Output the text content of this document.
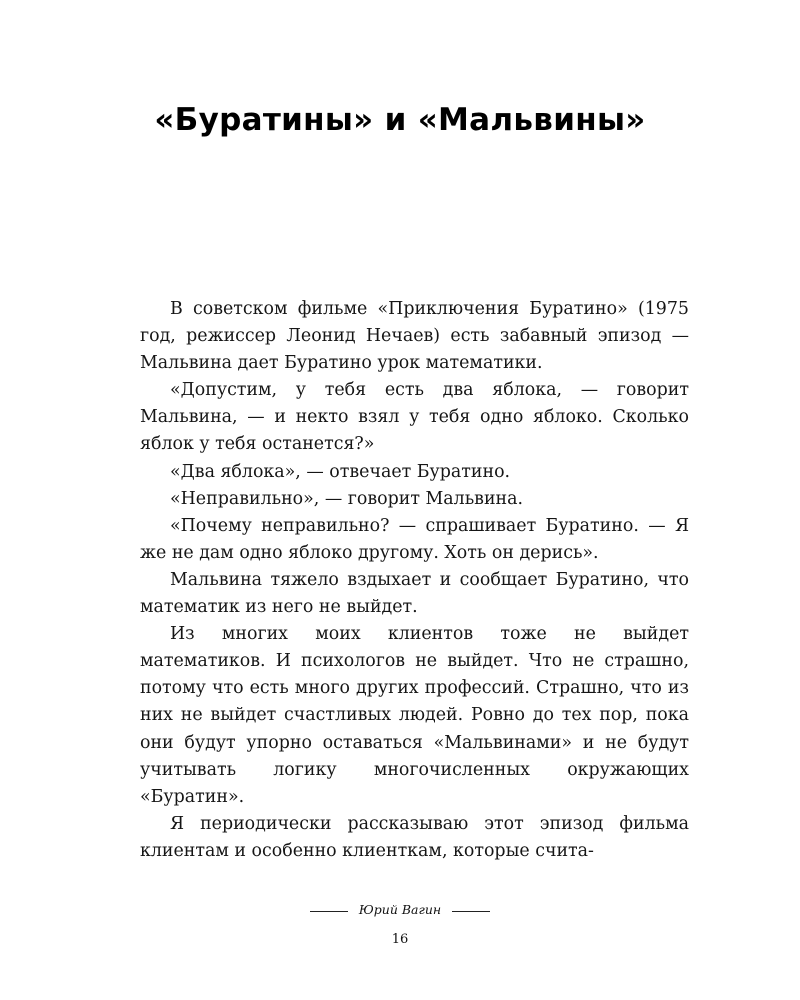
«Буратины» и «Мальвины»

В советском фильме «Приключения Буратино» (1975 год, режиссер Леонид Нечаев) есть забавный эпизод — Мальвина дает Буратино урок математики.

«Допустим, у тебя есть два яблока, — говорит Мальвина, — и некто взял у тебя одно яблоко. Сколько яблок у тебя останется?»

«Два яблока», — отвечает Буратино.

«Неправильно», — говорит Мальвина.

«Почему неправильно? — спрашивает Буратино. — Я же не дам одно яблоко другому. Хоть он дерись».

Мальвина тяжело вздыхает и сообщает Буратино, что математик из него не выйдет.

Из многих моих клиентов тоже не выйдет математиков. И психологов не выйдет. Что не страшно, потому что есть много других профессий. Страшно, что из них не выйдет счастливых людей. Ровно до тех пор, пока они будут упорно оставаться «Мальвинами» и не будут учитывать логику многочисленных окружающих «Буратин».

Я периодически рассказываю этот эпизод фильма клиентам и особенно клиенткам, которые счита-

Юрий Вагин
16
